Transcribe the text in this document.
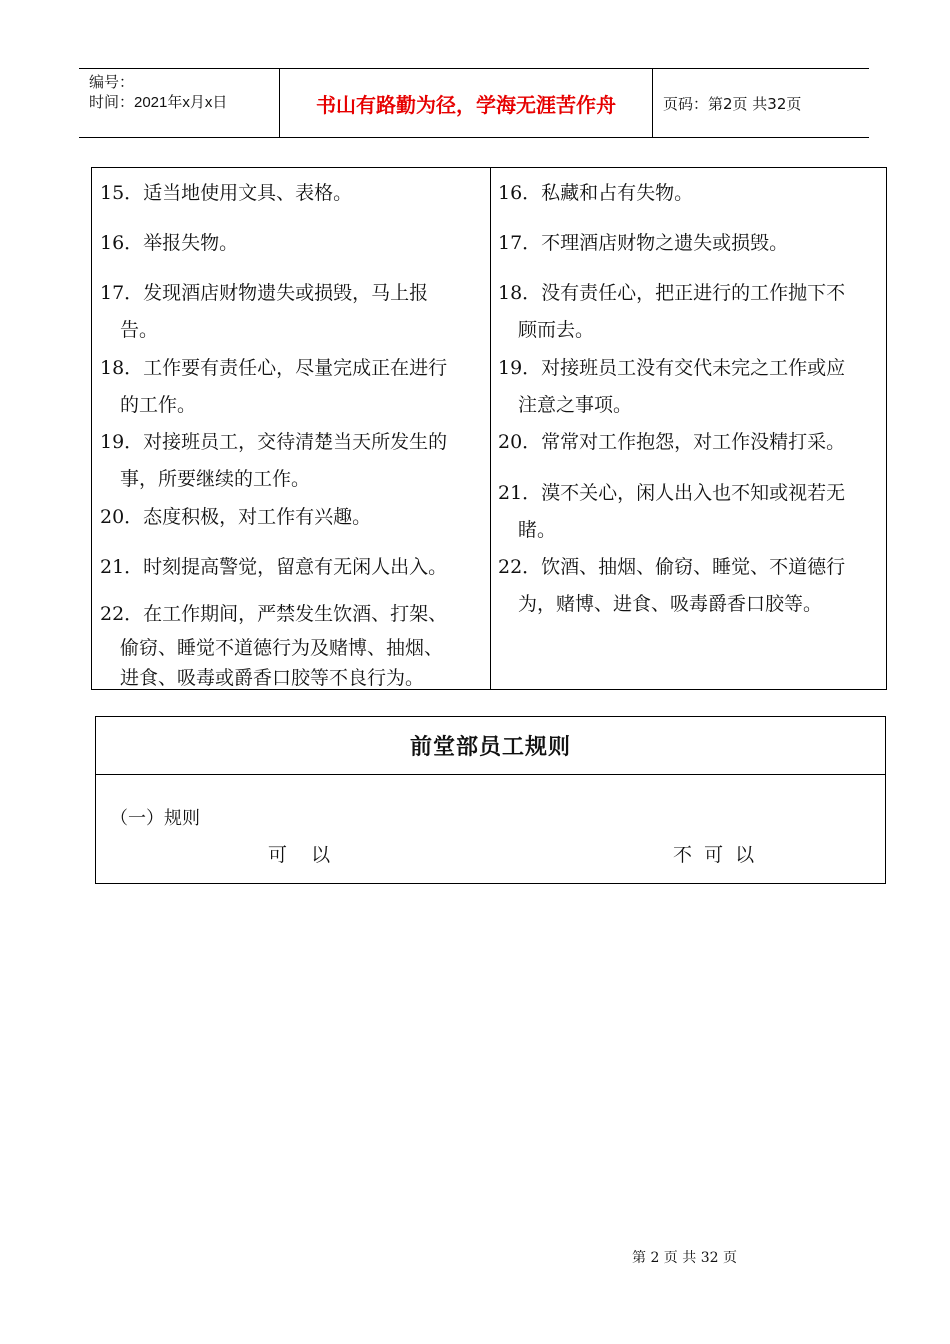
编号：
时间：2021年x月x日	书山有路勤为径，学海无涯苦作舟	页码：第2页 共32页
15．适当地使用文具、表格。
16．举报失物。
17．发现酒店财物遗失或损毁，马上报
告。
18．工作要有责任心，尽量完成正在进行
的工作。
19．对接班员工，交待清楚当天所发生的
事，所要继续的工作。
20．态度积极，对工作有兴趣。
21．时刻提高警觉，留意有无闲人出入。
22．在工作期间，严禁发生饮酒、打架、
偷窃、睡觉不道德行为及赌博、抽烟、
进食、吸毒或爵香口胶等不良行为。
16．私藏和占有失物。
17．不理酒店财物之遗失或损毁。
18．没有责任心，把正进行的工作抛下不
顾而去。
19．对接班员工没有交代未完之工作或应
注意之事项。
20．常常对工作抱怨，对工作没精打采。
21．漠不关心，闲人出入也不知或视若无
睹。
22．饮酒、抽烟、偷窃、睡觉、不道德行
为，赌博、进食、吸毒爵香口胶等。
前堂部员工规则
（一）规则
可    以	不  可  以
第 2 页 共 32 页
